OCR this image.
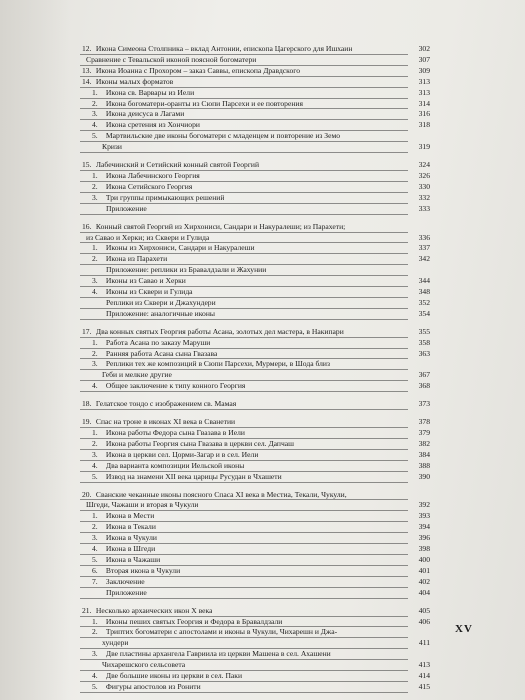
12. Икона Симеона Столпника – вклад Антонии, епископа Цагерского для Ишхаин	302
Сравнение с Тевальской иконой поясной богоматери	307
13. Икона Иоанна с Прохором – заказ Саввы, епископа Дравдского	309
14. Иконы малых форматов	313
1. Икона св. Варвары из Иели	313
2. Икона богоматери-оранты из Сюпи Парсехи и ее повторения	314
3. Икона деисуса в Лагами	316
4. Икона сретения из Хончиори	318
5. Мартвильские две иконы богоматери с младенцем и повторение из Земо
Кризи	319
15. Лабечинский и Сетийский конный святой Георгий	324
1. Икона Лабечинского Георгия	326
2. Икона Сетийского Георгия	330
3. Три группы примыкающих решений	332
Приложение	333
16. Конный святой Георгий из Хирхониси, Сандари и Накуралеши; из Парахети;
из Савао и Херки; из Сквери и Гулида	336
1. Иконы из Хирхониси, Сандари и Накуралеши	337
2. Икона из Парахети	342
Приложение: реплики из Бравалдзали и Жахунии
3. Иконы из Савао и Херки	344
4. Иконы из Сквери и Гулида	348
Реплики из Сквери и Джахундери	352
Приложение: аналогичные иконы	354
17. Два конных святых Георгия работы Асана, золотых дел мастера, в Накипари	355
1. Работа Асана по заказу Маруши	358
2. Ранняя работа Асана сына Гвазава	363
3. Реплики тех же композиций в Сюпи Парсехи, Мурмери, в Шода близ
Геби и мелкие другие	367
4. Общее заключение к типу конного Георгия	368
18. Гелатское тондо с изображением св. Мамая	373
19. Спас на троне в иконах XI века в Сванетии	378
1. Икона работы Федора сына Гвазава в Иели	379
2. Икона работы Георгия сына Гвазава в церкви сел. Дапчаш	382
3. Икона в церкви сел. Цорми-Загар и в сел. Иели	384
4. Два варианта композиции Иельской иконы	388
5. Извод на знамени XII века царицы Русудан в Чхашети	390
20. Сванские чеканные иконы поясного Спаса XI века в Местиа, Текали, Чукули,
Шгеди, Чажаши и вторая в Чукули	392
1. Икона в Мести	393
2. Икона в Текали	394
3. Икона в Чукули	396
4. Икона в Шгеди	398
5. Икона в Чажаши	400
6. Вторая икона в Чукули	401
7. Заключение	402
Приложение	404
21. Несколько архаических икон X века	405
1. Иконы пеших святых Георгия и Федора в Бравалдзали	406
2. Триптих богоматери с апостолами и иконы в Чукули, Чихарешн и Джа-
хундери	411
3. Две пластины архангела Гавриила из церкви Машена в сел. Ахашени
Чихарешского сельсовета	413
4. Две большие иконы из церкви в сел. Паки	414
5. Фигуры апостолов из Ронити	415
XV
